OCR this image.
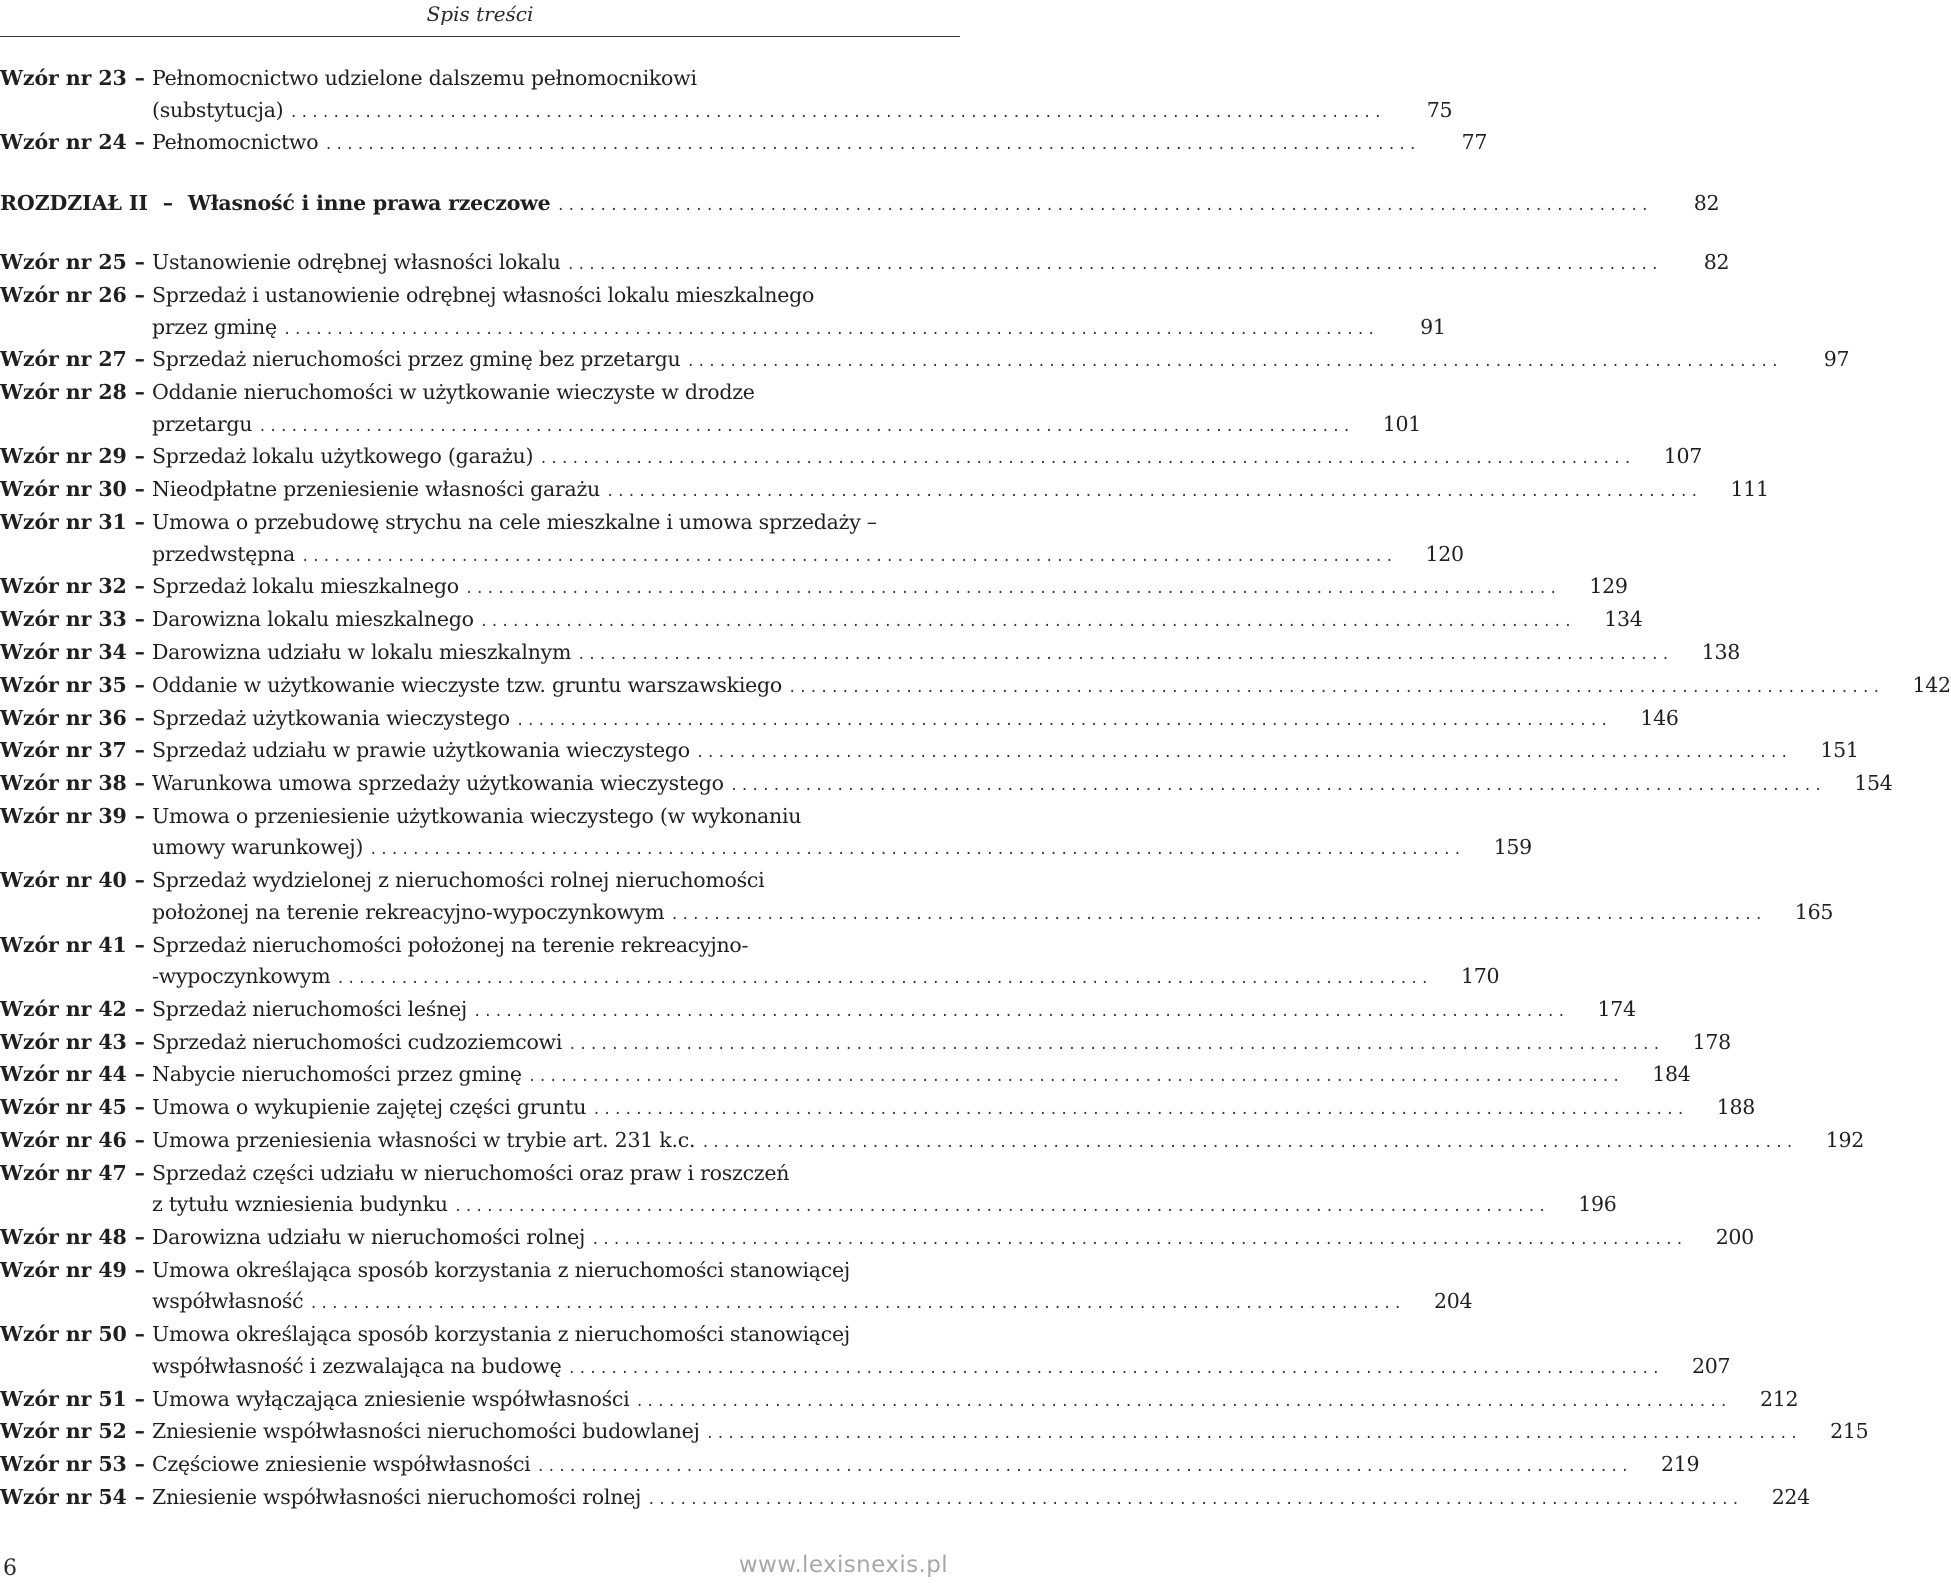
Spis treści
Wzór nr 23 – Pełnomocnictwo udzielone dalszemu pełnomocnikowi
(substytucja) .......................................................................................................	75
Wzór nr 24 – Pełnomocnictwo .......................................................................................................	77
ROZDZIAŁ II – Własność i inne prawa rzeczowe .......................................................................................................	82
Wzór nr 25 – Ustanowienie odrębnej własności lokalu .......................................................................................................	82
Wzór nr 26 – Sprzedaż i ustanowienie odrębnej własności lokalu mieszkalnego
przez gminę .......................................................................................................	91
Wzór nr 27 – Sprzedaż nieruchomości przez gminę bez przetargu .......................................................................................................	97
Wzór nr 28 – Oddanie nieruchomości w użytkowanie wieczyste w drodze
przetargu .......................................................................................................	101
Wzór nr 29 – Sprzedaż lokalu użytkowego (garażu) .......................................................................................................	107
Wzór nr 30 – Nieodpłatne przeniesienie własności garażu .......................................................................................................	111
Wzór nr 31 – Umowa o przebudowę strychu na cele mieszkalne i umowa sprzedaży –
przedwstępna .......................................................................................................	120
Wzór nr 32 – Sprzedaż lokalu mieszkalnego .......................................................................................................	129
Wzór nr 33 – Darowizna lokalu mieszkalnego .......................................................................................................	134
Wzór nr 34 – Darowizna udziału w lokalu mieszkalnym .......................................................................................................	138
Wzór nr 35 – Oddanie w użytkowanie wieczyste tzw. gruntu warszawskiego .......................................................................................................	142
Wzór nr 36 – Sprzedaż użytkowania wieczystego .......................................................................................................	146
Wzór nr 37 – Sprzedaż udziału w prawie użytkowania wieczystego .......................................................................................................	151
Wzór nr 38 – Warunkowa umowa sprzedaży użytkowania wieczystego .......................................................................................................	154
Wzór nr 39 – Umowa o przeniesienie użytkowania wieczystego (w wykonaniu
umowy warunkowej) .......................................................................................................	159
Wzór nr 40 – Sprzedaż wydzielonej z nieruchomości rolnej nieruchomości
położonej na terenie rekreacyjno-wypoczynkowym .......................................................................................................	165
Wzór nr 41 – Sprzedaż nieruchomości położonej na terenie rekreacyjno-
-wypoczynkowym .......................................................................................................	170
Wzór nr 42 – Sprzedaż nieruchomości leśnej .......................................................................................................	174
Wzór nr 43 – Sprzedaż nieruchomości cudzoziemcowi .......................................................................................................	178
Wzór nr 44 – Nabycie nieruchomości przez gminę .......................................................................................................	184
Wzór nr 45 – Umowa o wykupienie zajętej części gruntu .......................................................................................................	188
Wzór nr 46 – Umowa przeniesienia własności w trybie art. 231 k.c. .......................................................................................................	192
Wzór nr 47 – Sprzedaż części udziału w nieruchomości oraz praw i roszczeń
z tytułu wzniesienia budynku .......................................................................................................	196
Wzór nr 48 – Darowizna udziału w nieruchomości rolnej .......................................................................................................	200
Wzór nr 49 – Umowa określająca sposób korzystania z nieruchomości stanowiącej
współwłasność .......................................................................................................	204
Wzór nr 50 – Umowa określająca sposób korzystania z nieruchomości stanowiącej
współwłasność i zezwalająca na budowę .......................................................................................................	207
Wzór nr 51 – Umowa wyłączająca zniesienie współwłasności .......................................................................................................	212
Wzór nr 52 – Zniesienie współwłasności nieruchomości budowlanej .......................................................................................................	215
Wzór nr 53 – Częściowe zniesienie współwłasności .......................................................................................................	219
Wzór nr 54 – Zniesienie współwłasności nieruchomości rolnej .......................................................................................................	224
6	www.lexisnexis.pl
